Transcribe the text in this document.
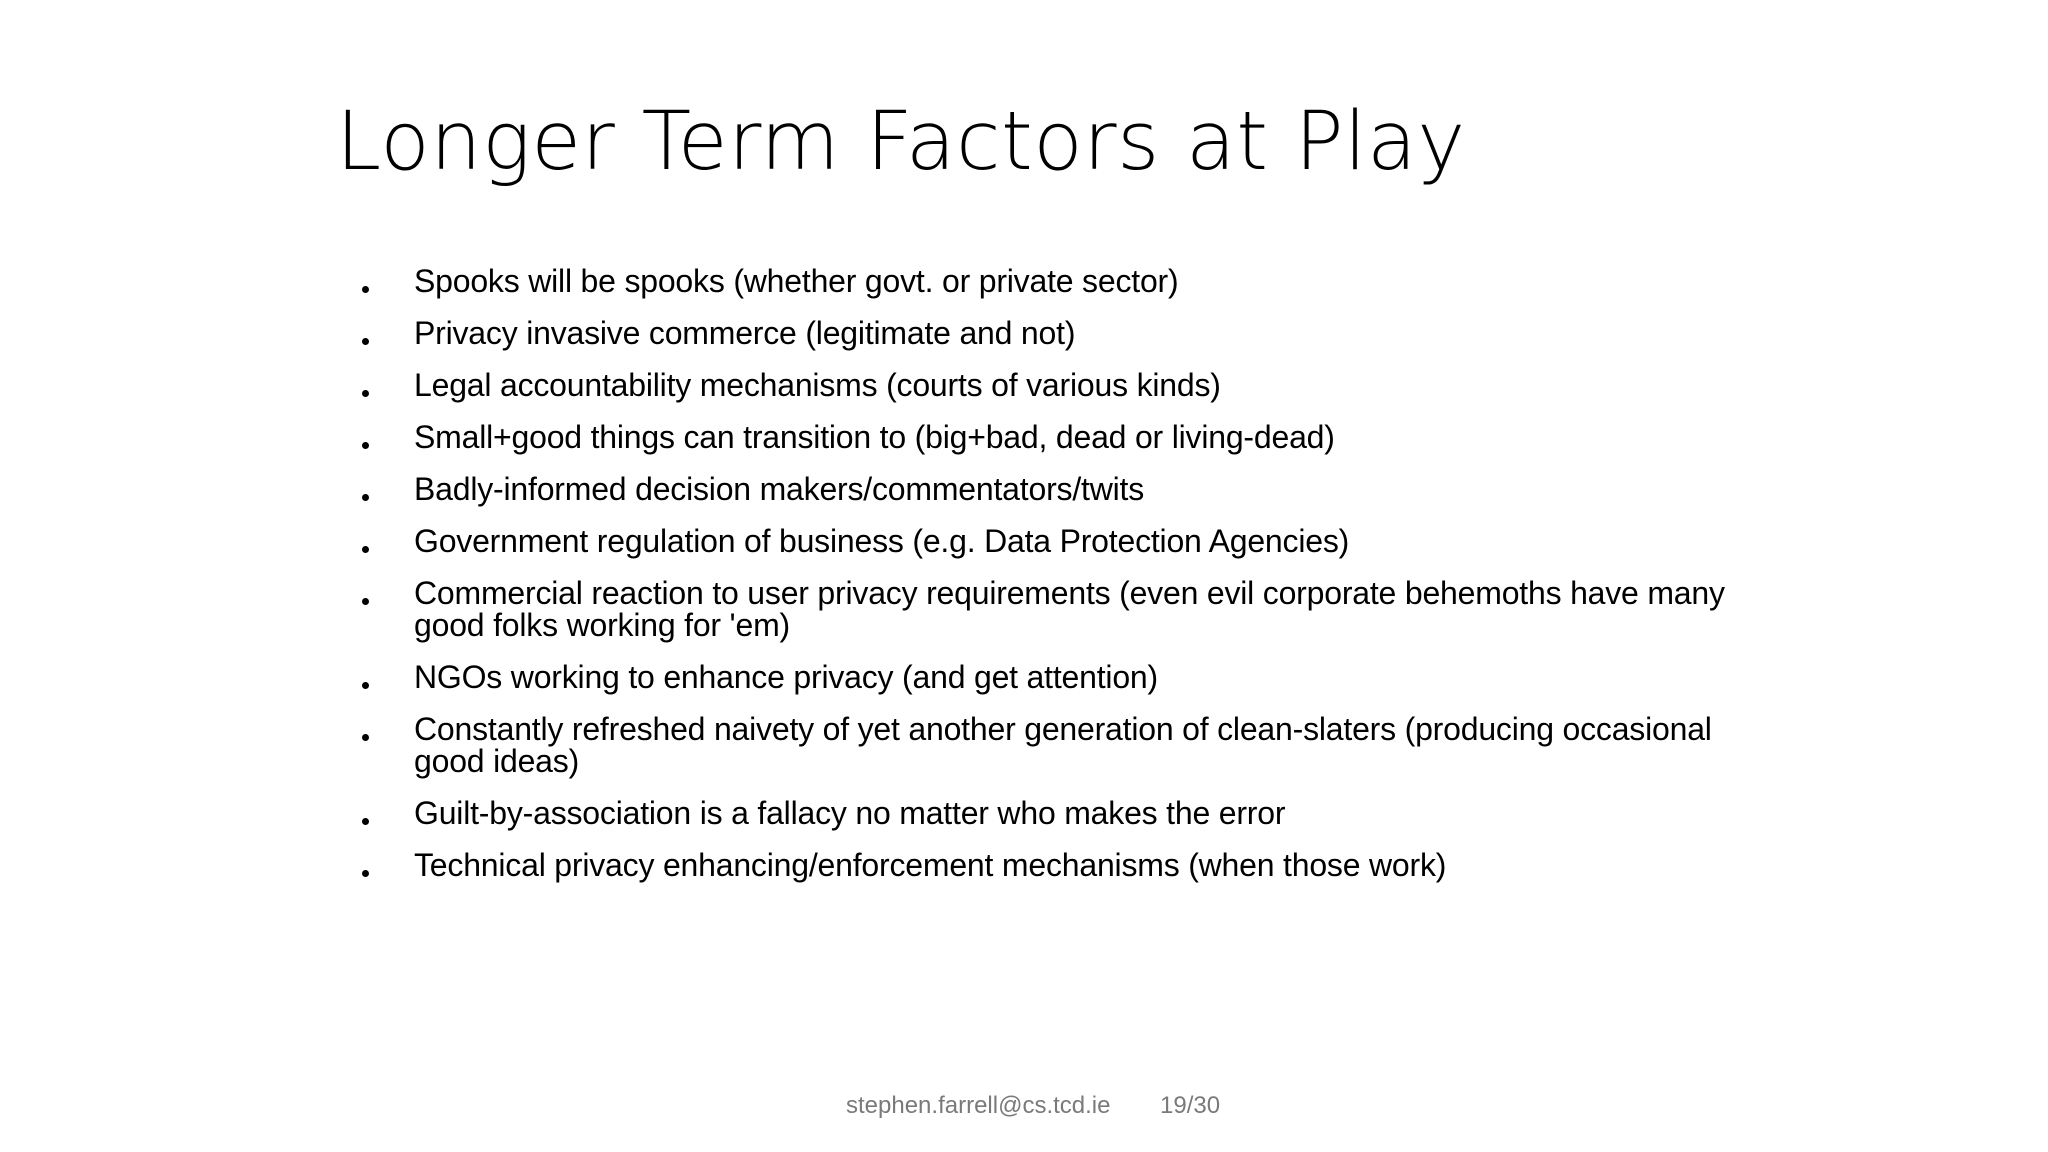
Longer Term Factors at Play
Spooks will be spooks (whether govt. or private sector)
Privacy invasive commerce (legitimate and not)
Legal accountability mechanisms (courts of various kinds)
Small+good things can transition to (big+bad, dead or living-dead)
Badly-informed decision makers/commentators/twits
Government regulation of business (e.g. Data Protection Agencies)
Commercial reaction to user privacy requirements (even evil corporate behemoths have many good folks working for 'em)
NGOs working to enhance privacy (and get attention)
Constantly refreshed naivety of yet another generation of clean-slaters (producing occasional good ideas)
Guilt-by-association is a fallacy no matter who makes the error
Technical privacy enhancing/enforcement mechanisms (when those work)
stephen.farrell@cs.tcd.ie 19/30
